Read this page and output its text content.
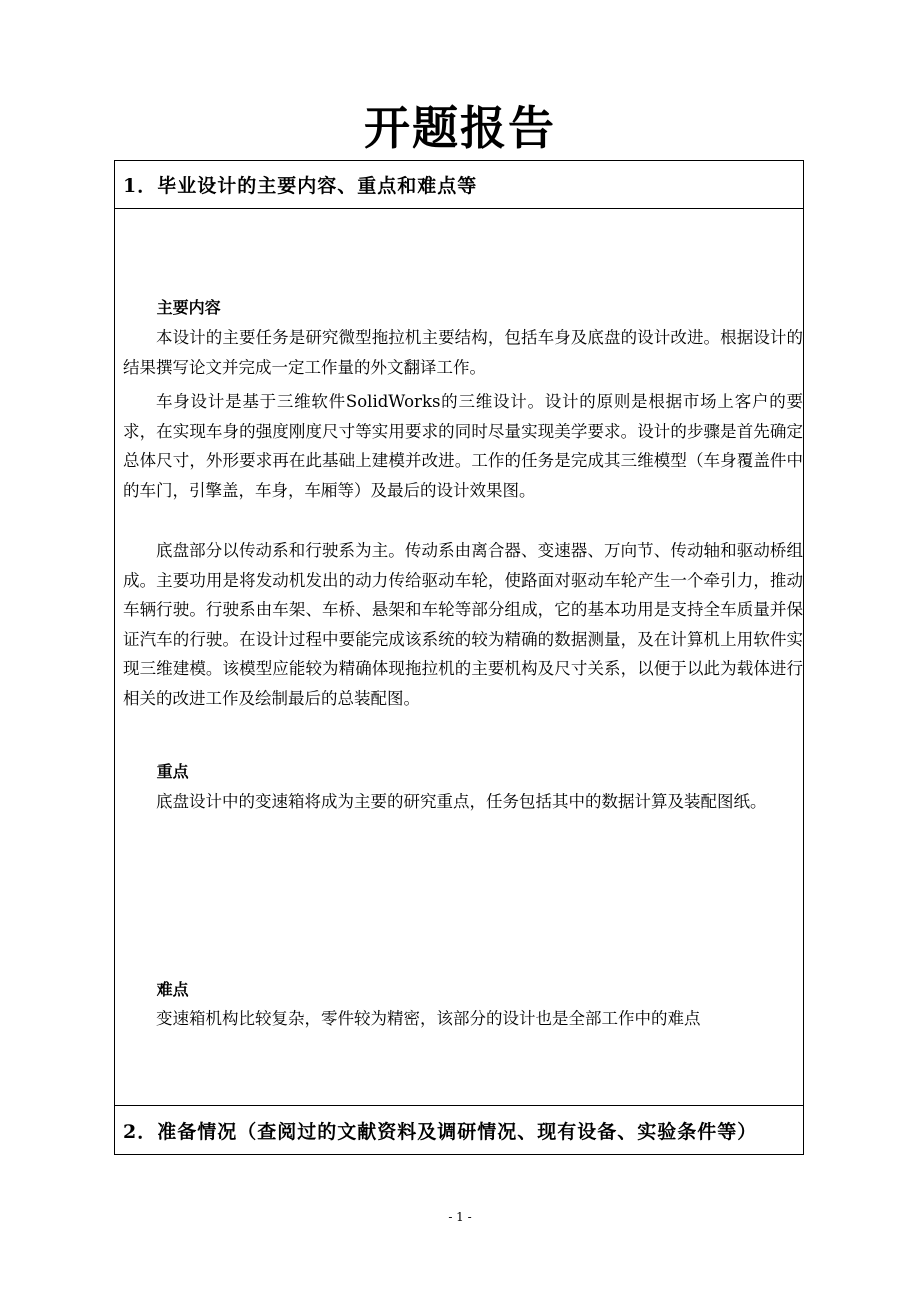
开题报告
1．毕业设计的主要内容、重点和难点等
主要内容

本设计的主要任务是研究微型拖拉机主要结构，包括车身及底盘的设计改进。根据设计的结果撰写论文并完成一定工作量的外文翻译工作。

车身设计是基于三维软件SolidWorks的三维设计。设计的原则是根据市场上客户的要求，在实现车身的强度刚度尺寸等实用要求的同时尽量实现美学要求。设计的步骤是首先确定总体尺寸，外形要求再在此基础上建模并改进。工作的任务是完成其三维模型（车身覆盖件中的车门，引擎盖，车身，车厢等）及最后的设计效果图。

底盘部分以传动系和行驶系为主。传动系由离合器、变速器、万向节、传动轴和驱动桥组成。主要功用是将发动机发出的动力传给驱动车轮，使路面对驱动车轮产生一个牵引力，推动车辆行驶。行驶系由车架、车桥、悬架和车轮等部分组成，它的基本功用是支持全车质量并保证汽车的行驶。在设计过程中要能完成该系统的较为精确的数据测量，及在计算机上用软件实现三维建模。该模型应能较为精确体现拖拉机的主要机构及尺寸关系，以便于以此为载体进行相关的改进工作及绘制最后的总装配图。

重点

底盘设计中的变速箱将成为主要的研究重点，任务包括其中的数据计算及装配图纸。

难点

变速箱机构比较复杂，零件较为精密，该部分的设计也是全部工作中的难点

2．准备情况（查阅过的文献资料及调研情况、现有设备、实验条件等）
- 1 -
